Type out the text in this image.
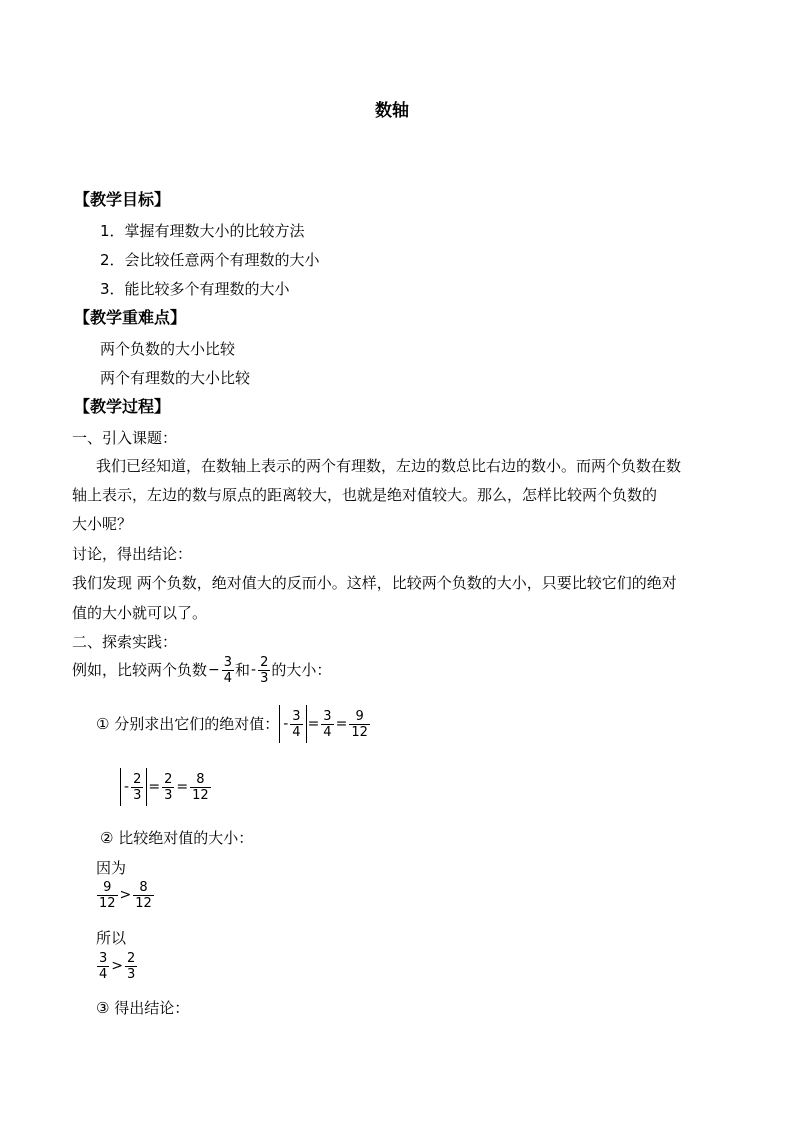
数轴
【教学目标】
1．掌握有理数大小的比较方法
2．会比较任意两个有理数的大小
3．能比较多个有理数的大小
【教学重难点】
两个负数的大小比较
两个有理数的大小比较
【教学过程】
一、引入课题：
我们已经知道，在数轴上表示的两个有理数，左边的数总比右边的数小。而两个负数在数
轴上表示，左边的数与原点的距离较大，也就是绝对值较大。那么，怎样比较两个负数的
大小呢？
讨论，得出结论：
我们发现 两个负数，绝对值大的反而小。这样，比较两个负数的大小，只要比较它们的绝对
值的大小就可以了。
二、探索实践：
例如，比较两个负数 − $\frac{3}{4}$ 和 - $\frac{2}{3}$ 的大小：
① 分别求出它们的绝对值： - $\frac{3}{4} = \frac{3}{4} = \frac{9}{12}$
- $\frac{2}{3} = \frac{2}{3} = \frac{8}{12}$
② 比较绝对值的大小：
因为
$\frac{9}{12} > \frac{8}{12}$
所以
$\frac{3}{4} > \frac{2}{3}$
③ 得出结论：
